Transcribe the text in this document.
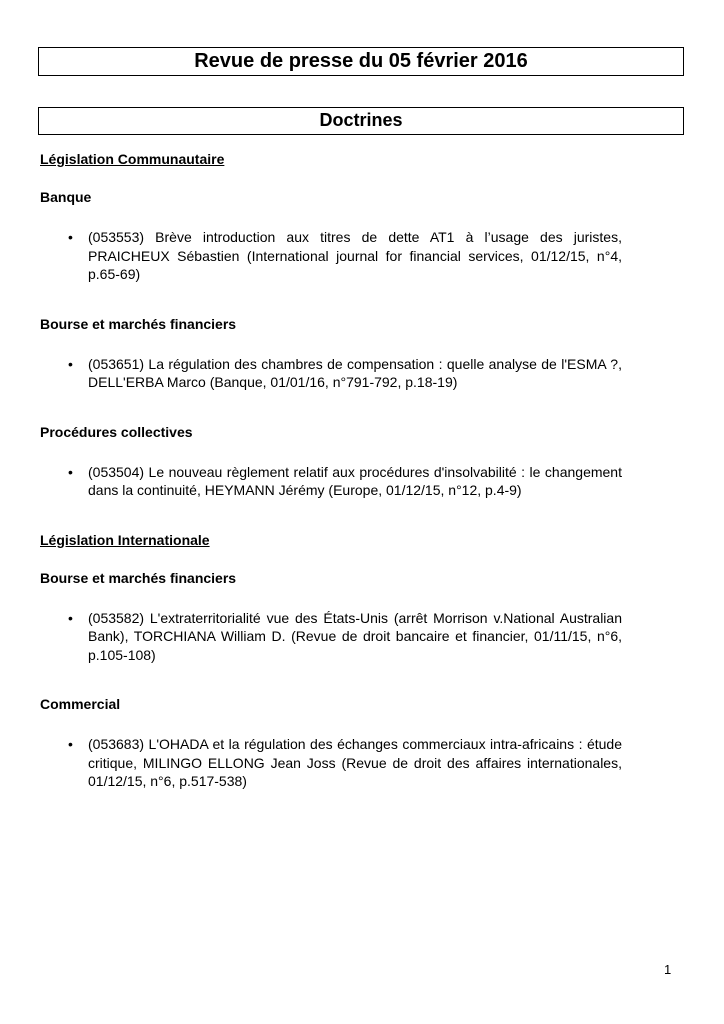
Revue de presse du 05 février 2016
Doctrines

Législation Communautaire

Banque

• (053553) Brève introduction aux titres de dette AT1 à l’usage des juristes, PRAICHEUX Sébastien (International journal for financial services, 01/12/15, n°4, p.65-69)

Bourse et marchés financiers

• (053651) La régulation des chambres de compensation : quelle analyse de l'ESMA ?, DELL'ERBA Marco (Banque, 01/01/16, n°791-792, p.18-19)

Procédures collectives

• (053504) Le nouveau règlement relatif aux procédures d'insolvabilité : le changement dans la continuité, HEYMANN Jérémy (Europe, 01/12/15, n°12, p.4-9)

Législation Internationale

Bourse et marchés financiers

• (053582) L'extraterritorialité vue des États-Unis (arrêt Morrison v.National Australian Bank), TORCHIANA William D. (Revue de droit bancaire et financier, 01/11/15, n°6, p.105-108)

Commercial

• (053683) L'OHADA et la régulation des échanges commerciaux intra-africains : étude critique, MILINGO ELLONG Jean Joss (Revue de droit des affaires internationales, 01/12/15, n°6, p.517-538)

1
